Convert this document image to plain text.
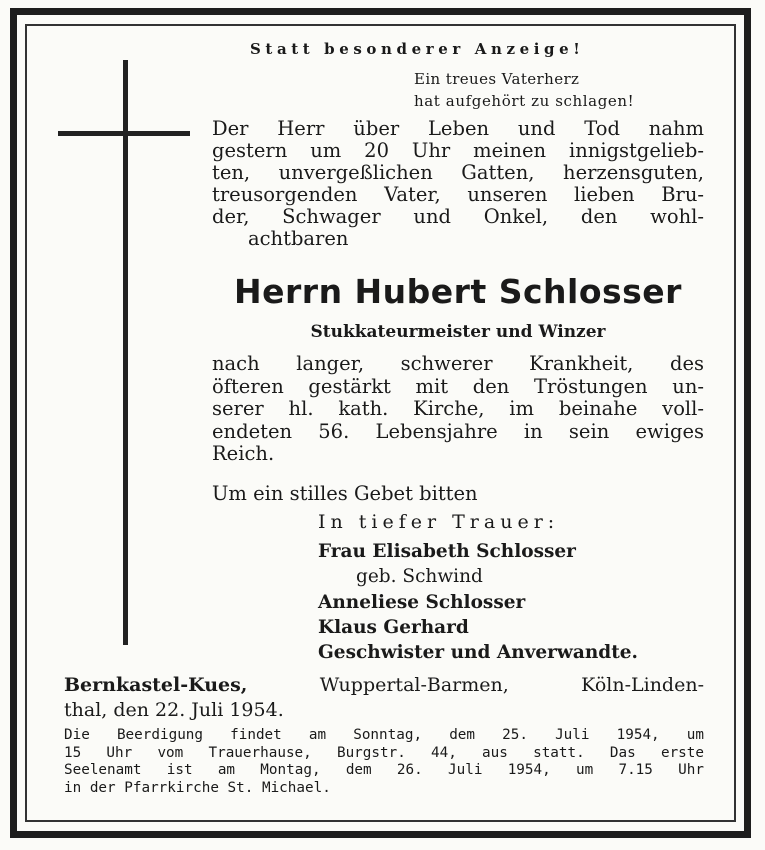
Statt besonderer Anzeige!
Ein treues Vaterherz
hat aufgehört zu schlagen!
Der Herr über Leben und Tod nahm
gestern um 20 Uhr meinen innigstgelieb-
ten, unvergeßlichen Gatten, herzensguten,
treusorgenden Vater, unseren lieben Bru-
der, Schwager und Onkel, den wohl-
achtbaren
Herrn Hubert Schlosser
Stukkateurmeister und Winzer
nach langer, schwerer Krankheit, des
öfteren gestärkt mit den Tröstungen un-
serer hl. kath. Kirche, im beinahe voll-
endeten 56. Lebensjahre in sein ewiges
Reich.
Um ein stilles Gebet bitten
In tiefer Trauer:
Frau Elisabeth Schlosser
geb. Schwind
Anneliese Schlosser
Klaus Gerhard
Geschwister und Anverwandte.
Bernkastel-Kues, Wuppertal-Barmen, Köln-Linden-
thal, den 22. Juli 1954.
Die Beerdigung findet am Sonntag, dem 25. Juli 1954, um
15 Uhr vom Trauerhause, Burgstr. 44, aus statt. Das erste
Seelenamt ist am Montag, dem 26. Juli 1954, um 7.15 Uhr
in der Pfarrkirche St. Michael.
